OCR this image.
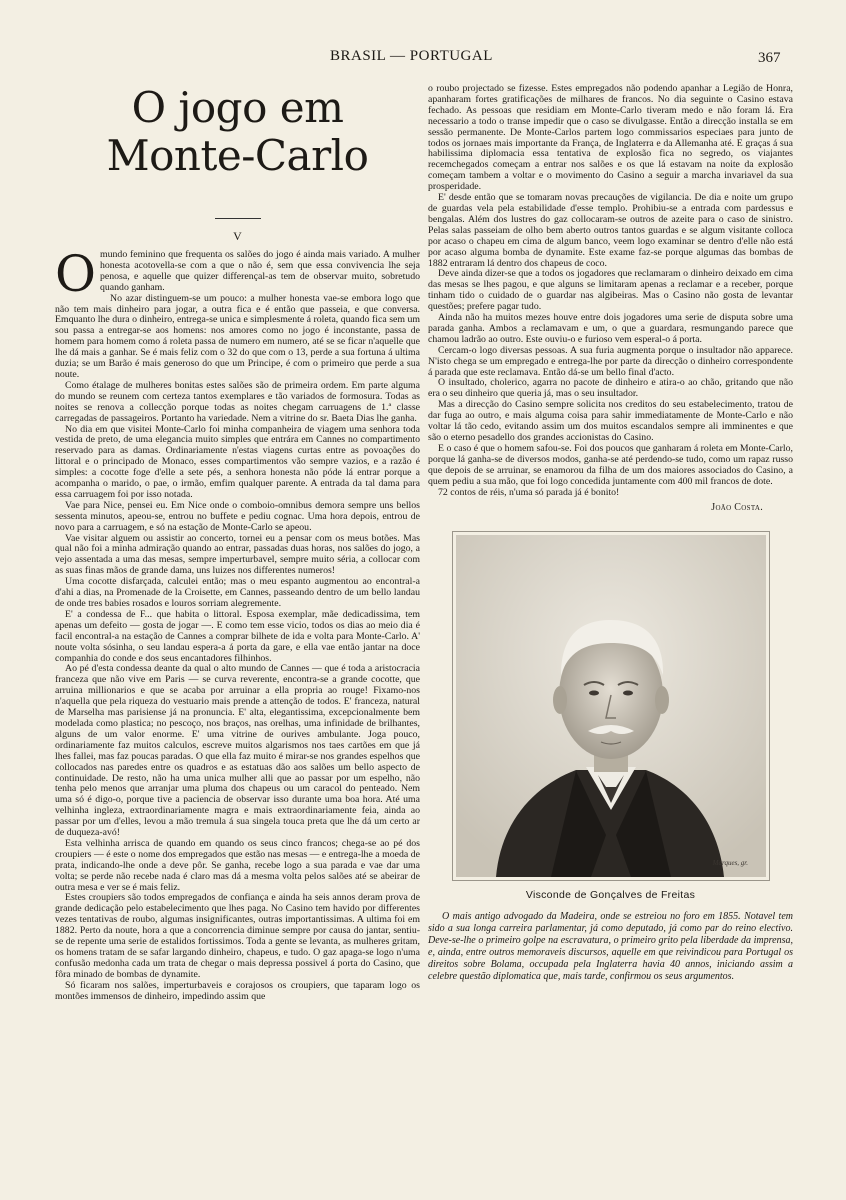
BRASIL — PORTUGAL	367
O jogo em Monte-Carlo
V

Omundo feminino que frequenta os salões do jogo é ainda mais variado. A mulher honesta acotovella-se com a que o não é, sem que essa convivencia lhe seja penosa, e aquelle que quizer differençal-as tem de observar muito, sobretudo quando ganham.

No azar distinguem-se um pouco: a mulher honesta vae-se embora logo que não tem mais dinheiro para jogar, a outra fica e é então que passeia, e que conversa. Emquanto lhe dura o dinheiro, entrega-se unica e simplesmente á roleta, quando fica sem um sou passa a entregar-se aos homens: nos amores como no jogo é inconstante, passa de homem para homem como á roleta passa de numero em numero, até se se ficar n'aquelle que lhe dá mais a ganhar. Se é mais feliz com o 32 do que com o 13, perde a sua fortuna á ultima duzia; se um Barão é mais generoso do que um Principe, é com o primeiro que perde a sua noute.

Como étalage de mulheres bonitas estes salões são de primeira ordem. Em parte alguma do mundo se reunem com certeza tantos exemplares e tão variados de formosura. Todas as noites se renova a collecção porque todas as noites chegam carruagens de 1.ª classe carregadas de passageiros. Portanto ha variedade. Nem a vitrine do sr. Baeta Dias lhe ganha.

No dia em que visitei Monte-Carlo foi minha companheira de viagem uma senhora toda vestida de preto, de uma elegancia muito simples que entrára em Cannes no compartimento reservado para as damas. Ordinariamente n'estas viagens curtas entre as povoações do littoral e o principado de Monaco, esses compartimentos vão sempre vazios, e a razão é simples: a cocotte foge d'elle a sete pés, a senhora honesta não póde lá entrar porque a acompanha o marido, o pae, o irmão, emfim qualquer parente. A entrada da tal dama para essa carruagem foi por isso notada.

Vae para Nice, pensei eu. Em Nice onde o comboio-omnibus demora sempre uns bellos sessenta minutos, apeou-se, entrou no buffete e pediu cognac. Uma hora depois, entrou de novo para a carruagem, e só na estação de Monte-Carlo se apeou.

Vae visitar alguem ou assistir ao concerto, tornei eu a pensar com os meus botões. Mas qual não foi a minha admiração quando ao entrar, passadas duas horas, nos salões do jogo, a vejo assentada a uma das mesas, sempre imperturbavel, sempre muito séria, a collocar com as suas finas mãos de grande dama, uns luizes nos differentes numeros!

Uma cocotte disfarçada, calculei então; mas o meu espanto augmentou ao encontral-a d'ahi a dias, na Promenade de la Croisette, em Cannes, passeando dentro de um bello landau de onde tres babies rosados e louros sorriam alegremente.

E' a condessa de F... que habita o littoral. Esposa exemplar, mãe dedicadissima, tem apenas um defeito — gosta de jogar —. E como tem esse vicio, todos os dias ao meio dia é facil encontral-a na estação de Cannes a comprar bilhete de ida e volta para Monte-Carlo. A' noute volta sósinha, o seu landau espera-a á porta da gare, e ella vae então jantar na doce companhia do conde e dos seus encantadores filhinhos.

Ao pé d'esta condessa deante da qual o alto mundo de Cannes — que é toda a aristocracia franceza que não vive em Paris — se curva reverente, encontra-se a grande cocotte, que arruina millionarios e que se acaba por arruinar a ella propria ao rouge! Fixamo-nos n'aquella que pela riqueza do vestuario mais prende a attenção de todos. E' franceza, natural de Marselha mas parisiense já na pronuncia. E' alta, elegantissima, excepcionalmente bem modelada como plastica; no pescoço, nos braços, nas orelhas, uma infinidade de brilhantes, alguns de um valor enorme. E' uma vitrine de ourives ambulante. Joga pouco, ordinariamente faz muitos calculos, escreve muitos algarismos nos taes cartões em que já lhes fallei, mas faz poucas paradas. O que ella faz muito é mirar-se nos grandes espelhos que collocados nas paredes entre os quadros e as estatuas dão aos salões um bello aspecto de continuidade. De resto, não ha uma unica mulher alli que ao passar por um espelho, não tenha pelo menos que arranjar uma pluma dos chapeus ou um caracol do penteado. Nem uma só é digo-o, porque tive a paciencia de observar isso durante uma boa hora. Até uma velhinha ingleza, extraordinariamente magra e mais extraordinariamente feia, ainda ao passar por um d'elles, levou a mão tremula á sua singela touca preta que lhe dá um certo ar de duqueza-avó!

Esta velhinha arrisca de quando em quando os seus cinco francos; chega-se ao pé dos croupiers — é este o nome dos empregados que estão nas mesas — e entrega-lhe a moeda de prata, indicando-lhe onde a deve pôr. Se ganha, recebe logo a sua parada e vae dar uma volta; se perde não recebe nada é claro mas dá a mesma volta pelos salões até se abeirar de outra mesa e ver se é mais feliz.

Estes croupiers são todos empregados de confiança e ainda ha seis annos deram prova de grande dedicação pelo estabelecimento que lhes paga. No Casino tem havido por differentes vezes tentativas de roubo, algumas insignificantes, outras importantissimas. A ultima foi em 1882. Perto da noute, hora a que a concorrencia diminue sempre por causa do jantar, sentiu-se de repente uma serie de estalidos fortissimos. Toda a gente se levanta, as mulheres gritam, os homens tratam de se safar largando dinheiro, chapeus, e tudo. O gaz apaga-se logo n'uma confusão medonha cada um trata de chegar o mais depressa possivel á porta do Casino, que fôra minado de bombas de dynamite.

Só ficaram nos salões, imperturbaveis e corajosos os croupiers, que taparam logo os montões immensos de dinheiro, impedindo assim que

o roubo projectado se fizesse. Estes empregados não podendo apanhar a Legião de Honra, apanharam fortes gratificações de milhares de francos. No dia seguinte o Casino estava fechado. As pessoas que residiam em Monte-Carlo tiveram medo e não foram lá. Era necessario a todo o transe impedir que o caso se divulgasse. Então a direcção installa se em sessão permanente. De Monte-Carlos partem logo commissarios especiaes para junto de todos os jornaes mais importante da França, de Inglaterra e da Allemanha até. E graças á sua habilissima diplomacia essa tentativa de explosão fica no segredo, os viajantes recemchegados começam a entrar nos salões e os que lá estavam na noite da explosão começam tambem a voltar e o movimento do Casino a seguir a marcha invariavel da sua prosperidade.

E' desde então que se tomaram novas precauções de vigilancia. De dia e noite um grupo de guardas vela pela estabilidade d'esse templo. Prohibiu-se a entrada com pardessus e bengalas. Além dos lustres do gaz collocaram-se outros de azeite para o caso de sinistro. Pelas salas passeiam de olho bem aberto outros tantos guardas e se algum visitante colloca por acaso o chapeu em cima de algum banco, veem logo examinar se dentro d'elle não está por acaso alguma bomba de dynamite. Este exame faz-se porque algumas das bombas de 1882 entraram lá dentro dos chapeus de coco.

Deve ainda dizer-se que a todos os jogadores que reclamaram o dinheiro deixado em cima das mesas se lhes pagou, e que alguns se limitaram apenas a reclamar e a receber, porque tinham tido o cuidado de o guardar nas algibeiras. Mas o Casino não gosta de levantar questões; prefere pagar tudo.

Ainda não ha muitos mezes houve entre dois jogadores uma serie de disputa sobre uma parada ganha. Ambos a reclamavam e um, o que a guardara, resmungando parece que chamou ladrão ao outro. Este ouviu-o e furioso vem esperal-o á porta.

Cercam-o logo diversas pessoas. A sua furia augmenta porque o insultador não apparece. N'isto chega se um empregado e entrega-lhe por parte da direcção o dinheiro correspondente á parada que este reclamava. Então dá-se um bello final d'acto.

O insultado, cholerico, agarra no pacote de dinheiro e atira-o ao chão, gritando que não era o seu dinheiro que queria já, mas o seu insultador.

Mas a direcção do Casino sempre solicita nos creditos do seu estabelecimento, tratou de dar fuga ao outro, e mais alguma coisa para sahir immediatamente de Monte-Carlo e não voltar lá tão cedo, evitando assim um dos muitos escandalos sempre ali imminentes e que são o eterno pesadello dos grandes accionistas do Casino.

E o caso é que o homem safou-se. Foi dos poucos que ganharam á roleta em Monte-Carlo, porque lá ganha-se de diversos modos, ganha-se até perdendo-se tudo, como um rapaz russo que depois de se arruinar, se enamorou da filha de um dos maiores associados do Casino, a quem pediu a sua mão, que foi logo concedida juntamente com 400 mil francos de dote.

72 contos de réis, n'uma só parada já é bonito!

João Costa.
Marques, gr.
Visconde de Gonçalves de Freitas

O mais antigo advogado da Madeira, onde se estreiou no foro em 1855. Notavel tem sido a sua longa carreira parlamentar, já como deputado, já como par do reino electivo. Deve-se-lhe o primeiro golpe na escravatura, o primeiro grito pela liberdade da imprensa, e, ainda, entre outros memoraveis discursos, aquelle em que reivindicou para Portugal os direitos sobre Bolama, occupada pela Inglaterra havia 40 annos, iniciando assim a celebre questão diplomatica que, mais tarde, confirmou os seus argumentos.
